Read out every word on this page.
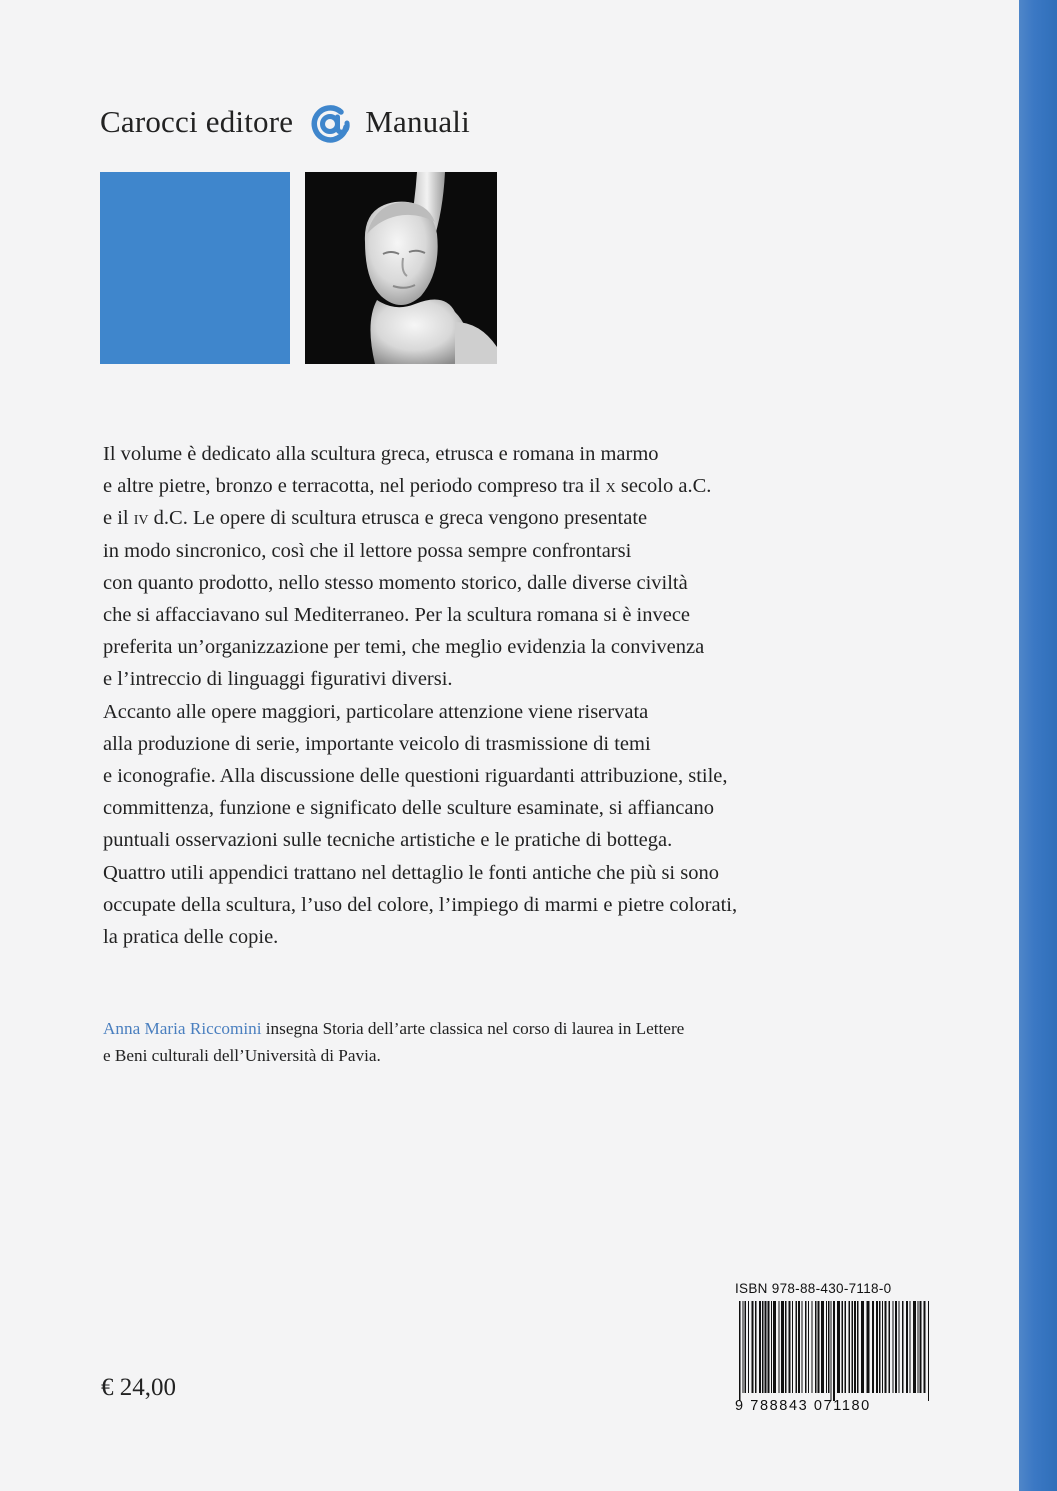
Carocci editore Manuali

Il volume è dedicato alla scultura greca, etrusca e romana in marmo

e altre pietre, bronzo e terracotta, nel periodo compreso tra il x secolo a.C.

e il iv d.C. Le opere di scultura etrusca e greca vengono presentate

in modo sincronico, così che il lettore possa sempre confrontarsi

con quanto prodotto, nello stesso momento storico, dalle diverse civiltà

che si affacciavano sul Mediterraneo. Per la scultura romana si è invece

preferita un’organizzazione per temi, che meglio evidenzia la convivenza

e l’intreccio di linguaggi figurativi diversi.

Accanto alle opere maggiori, particolare attenzione viene riservata

alla produzione di serie, importante veicolo di trasmissione di temi

e iconografie. Alla discussione delle questioni riguardanti attribuzione, stile,

committenza, funzione e significato delle sculture esaminate, si affiancano

puntuali osservazioni sulle tecniche artistiche e le pratiche di bottega.

Quattro utili appendici trattano nel dettaglio le fonti antiche che più si sono

occupate della scultura, l’uso del colore, l’impiego di marmi e pietre colorati,

la pratica delle copie.

Anna Maria Riccomini insegna Storia dell’arte classica nel corso di laurea in Lettere

e Beni culturali dell’Università di Pavia.

ISBN 978-88-430-7118-0
9 788843 071180
€ 24,00
